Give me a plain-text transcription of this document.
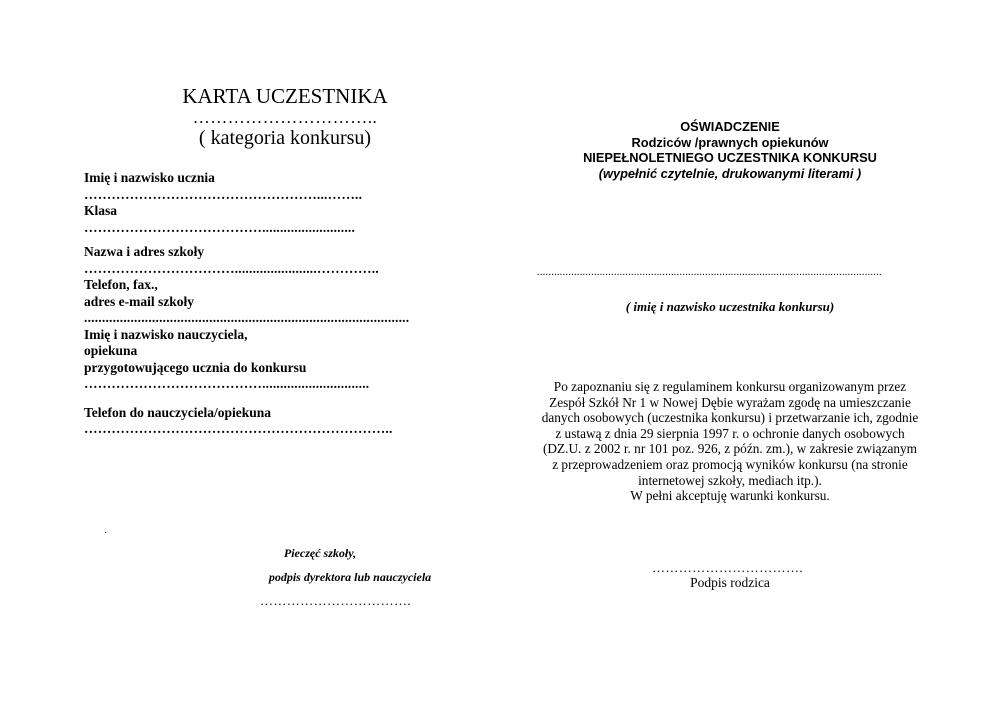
KARTA UCZESTNIKA
…………………………..
( kategoria konkursu)
Imię i nazwisko ucznia
……………………………………………...……..
Klasa
…………………………………..........................
Nazwa i adres szkoły
…………………………….......................…………..
Telefon, fax.,
adres e-mail szkoły
...........................................................................................
Imię i nazwisko nauczyciela,
opiekuna
przygotowującego ucznia do konkursu
…………………………………..............................
Telefon do nauczyciela/opiekuna
…………………………………………………………..
·
Pieczęć szkoły,
podpis dyrektora lub nauczyciela
…………………………….
OŚWIADCZENIE
Rodziców /prawnych opiekunów
NIEPEŁNOLETNIEGO UCZESTNIKA KONKURSU
(wypełnić czytelnie, drukowanymi literami )
.........................................................................................................................
( imię i nazwisko uczestnika konkursu)
Po zapoznaniu się z regulaminem konkursu organizowanym przez
Zespół Szkół Nr 1 w Nowej Dębie wyrażam zgodę na umieszczanie
danych osobowych (uczestnika konkursu) i przetwarzanie ich, zgodnie
z ustawą z dnia 29 sierpnia 1997 r. o ochronie danych osobowych
(DZ.U. z 2002 r. nr 101 poz. 926, z późn. zm.), w zakresie związanym
z przeprowadzeniem oraz promocją wyników konkursu (na stronie
internetowej szkoły, mediach itp.).
W pełni akceptuję warunki konkursu.
…………………………….
Podpis rodzica
